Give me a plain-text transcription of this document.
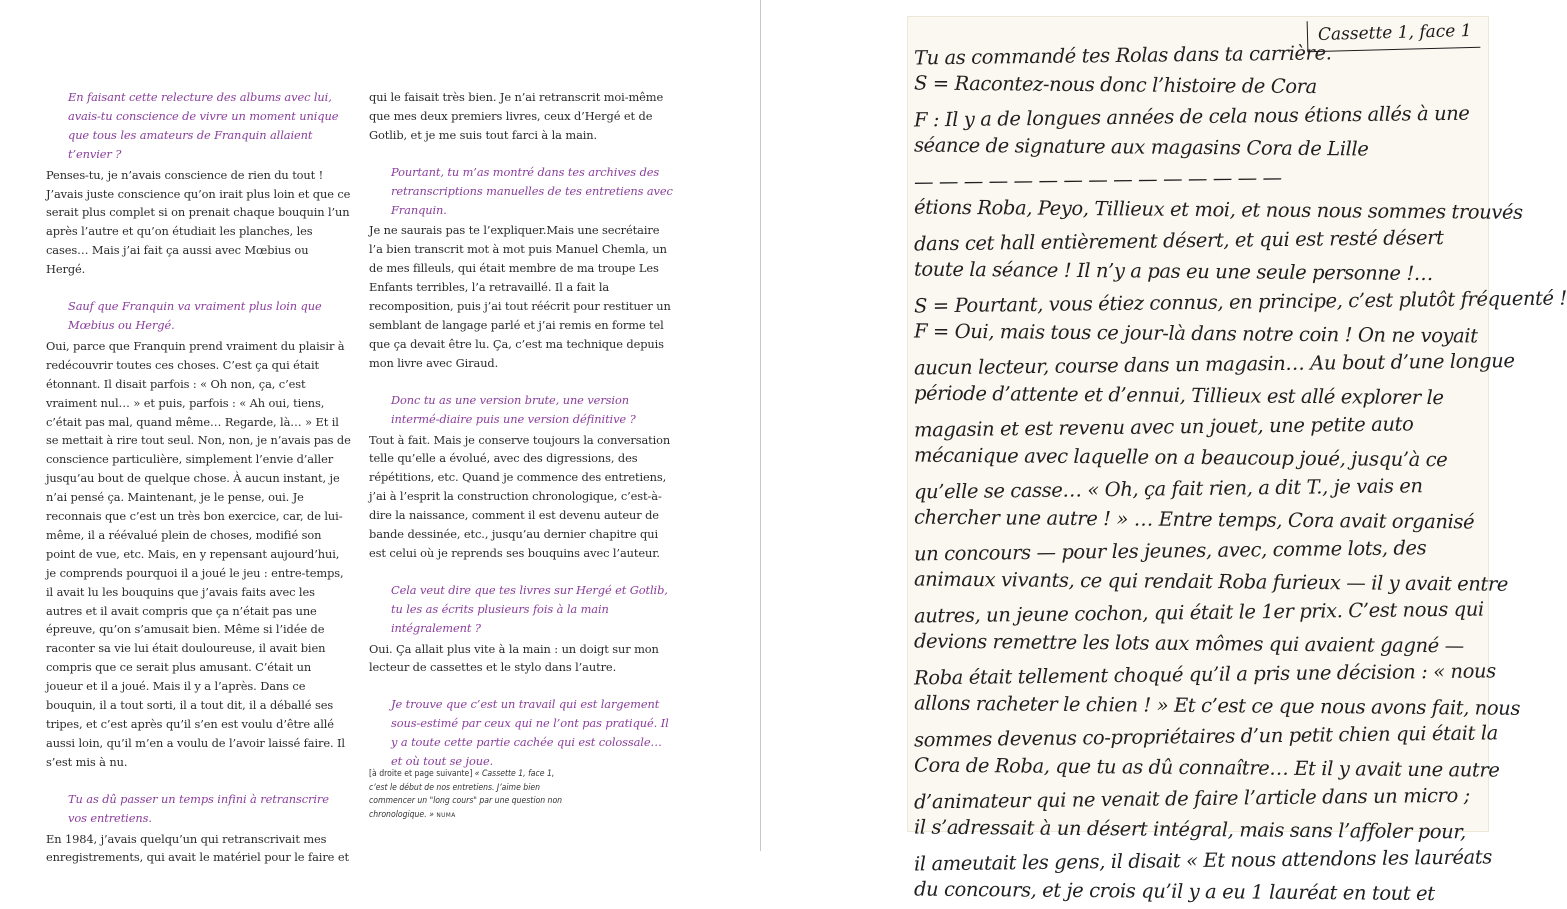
En faisant cette relecture des albums avec lui, avais-tu conscience de vivre un moment unique que tous les amateurs de Franquin allaient t’envier ?

Penses-tu, je n’avais conscience de rien du tout ! J’avais juste conscience qu’on irait plus loin et que ce serait plus complet si on prenait chaque bouquin l’un après l’autre et qu’on étudiait les planches, les cases… Mais j’ai fait ça aussi avec Mœbius ou Hergé.

Sauf que Franquin va vraiment plus loin que Mœbius ou Hergé.

Oui, parce que Franquin prend vraiment du plaisir à redécouvrir toutes ces choses. C’est ça qui était étonnant. Il disait parfois : « Oh non, ça, c’est vraiment nul… » et puis, parfois : « Ah oui, tiens, c’était pas mal, quand même… Regarde, là… » Et il se mettait à rire tout seul. Non, non, je n’avais pas de conscience particulière, simplement l’envie d’aller jusqu’au bout de quelque chose. À aucun instant, je n’ai pensé ça. Maintenant, je le pense, oui. Je reconnais que c’est un très bon exercice, car, de lui-même, il a réévalué plein de choses, modifié son point de vue, etc. Mais, en y repensant aujourd’hui, je comprends pourquoi il a joué le jeu : entre-temps, il avait lu les bouquins que j’avais faits avec les autres et il avait compris que ça n’était pas une épreuve, qu’on s’amusait bien. Même si l’idée de raconter sa vie lui était douloureuse, il avait bien compris que ce serait plus amusant. C’était un joueur et il a joué. Mais il y a l’après. Dans ce bouquin, il a tout sorti, il a tout dit, il a déballé ses tripes, et c’est après qu’il s’en est voulu d’être allé aussi loin, qu’il m’en a voulu de l’avoir laissé faire. Il s’est mis à nu.

Tu as dû passer un temps infini à retranscrire vos entretiens.

En 1984, j’avais quelqu’un qui retranscrivait mes enregistrements, qui avait le matériel pour le faire et

qui le faisait très bien. Je n’ai retranscrit moi-même que mes deux premiers livres, ceux d’Hergé et de Gotlib, et je me suis tout farci à la main.

Pourtant, tu m’as montré dans tes archives des retranscriptions manuelles de tes entretiens avec Franquin.

Je ne saurais pas te l’expliquer.Mais une secrétaire l’a bien transcrit mot à mot puis Manuel Chemla, un de mes filleuls, qui était membre de ma troupe Les Enfants terribles, l’a retravaillé. Il a fait la recomposition, puis j’ai tout réécrit pour restituer un semblant de langage parlé et j’ai remis en forme tel que ça devait être lu. Ça, c’est ma technique depuis mon livre avec Giraud.

Donc tu as une version brute, une version intermé-diaire puis une version définitive ?

Tout à fait. Mais je conserve toujours la conversation telle qu’elle a évolué, avec des digressions, des répétitions, etc. Quand je commence des entretiens, j’ai à l’esprit la construction chronologique, c’est-à-dire la naissance, comment il est devenu auteur de bande dessinée, etc., jusqu’au dernier chapitre qui est celui où je reprends ses bouquins avec l’auteur.

Cela veut dire que tes livres sur Hergé et Gotlib, tu les as écrits plusieurs fois à la main intégralement ?

Oui. Ça allait plus vite à la main : un doigt sur mon lecteur de cassettes et le stylo dans l’autre.

Je trouve que c’est un travail qui est largement sous-estimé par ceux qui ne l’ont pas pratiqué. Il y a toute cette partie cachée qui est colossale… et où tout se joue.

[à droite et page suivante] « Cassette 1, face 1, c’est le début de nos entretiens. J’aime bien commencer un "long cours" par une question non chronologique. » NUMA
Cassette 1, face 1
Tu as commandé tes Rolas dans ta carrière.
S = Racontez-nous donc l’histoire de Cora
F : Il y a de longues années de cela nous étions allés à une
séance de signature aux magasins Cora de Lille
— — — — — — — — — — — — — — —
étions Roba, Peyo, Tillieux et moi, et nous nous sommes trouvés
dans cet hall entièrement désert, et qui est resté désert
toute la séance ! Il n’y a pas eu une seule personne !…
S = Pourtant, vous étiez connus, en principe, c’est plutôt fréquenté !
F = Oui, mais tous ce jour-là dans notre coin ! On ne voyait
aucun lecteur, course dans un magasin… Au bout d’une longue
période d’attente et d’ennui, Tillieux est allé explorer le
magasin et est revenu avec un jouet, une petite auto
mécanique avec laquelle on a beaucoup joué, jusqu’à ce
qu’elle se casse… « Oh, ça fait rien, a dit T., je vais en
chercher une autre ! » … Entre temps, Cora avait organisé
un concours — pour les jeunes, avec, comme lots, des
animaux vivants, ce qui rendait Roba furieux — il y avait entre
autres, un jeune cochon, qui était le 1er prix. C’est nous qui
devions remettre les lots aux mômes qui avaient gagné —
Roba était tellement choqué qu’il a pris une décision : « nous
allons racheter le chien ! » Et c’est ce que nous avons fait, nous
sommes devenus co-propriétaires d’un petit chien qui était la
Cora de Roba, que tu as dû connaître… Et il y avait une autre
d’animateur qui ne venait de faire l’article dans un micro ;
il s’adressait à un désert intégral, mais sans l’affoler pour,
il ameutait les gens, il disait « Et nous attendons les lauréats
du concours, et je crois qu’il y a eu 1 lauréat en tout et
